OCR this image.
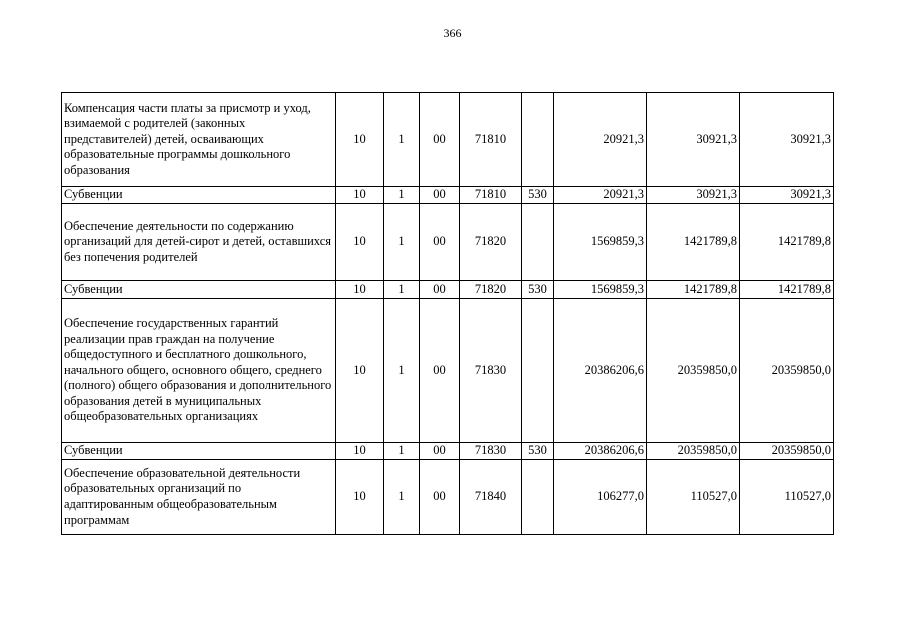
366
Компенсация части платы за присмотр и уход, взимаемой с родителей (законных представителей) детей, осваивающих образовательные программы дошкольного образования	10	1	00	71810		20921,3	30921,3	30921,3
Субвенции	10	1	00	71810	530	20921,3	30921,3	30921,3
Обеспечение деятельности по содержанию организаций для детей-сирот и детей, оставшихся без попечения родителей	10	1	00	71820		1569859,3	1421789,8	1421789,8
Субвенции	10	1	00	71820	530	1569859,3	1421789,8	1421789,8
Обеспечение государственных гарантий реализации прав граждан на получение общедоступного и бесплатного дошкольного, начального общего, основного общего, среднего (полного) общего образования и дополнительного образования детей в муниципальных общеобразовательных организациях	10	1	00	71830		20386206,6	20359850,0	20359850,0
Субвенции	10	1	00	71830	530	20386206,6	20359850,0	20359850,0
Обеспечение образовательной деятельности образовательных организаций по адаптированным общеобразовательным программам	10	1	00	71840		106277,0	110527,0	110527,0
